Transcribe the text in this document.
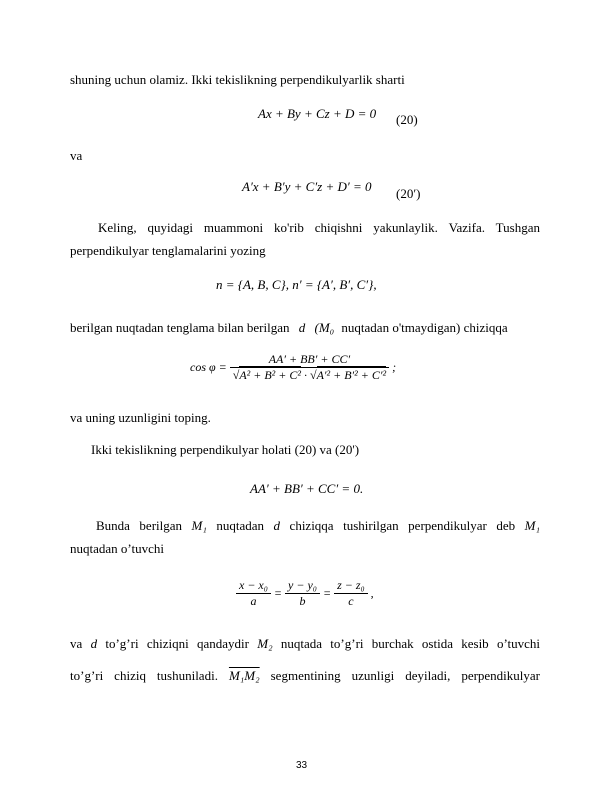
shuning uchun olamiz. Ikki tekislikning perpendikulyarlik sharti
Ax + By + Cz + D = 0 (20)
va
A′x + B′y + C′z + D′ = 0 (20′)
Keling, quyidagi muammoni ko'rib chiqishni yakunlaylik. Vazifa. Tushgan
perpendikulyar tenglamalarini yozing
n = {A, B, C}, n′ = {A′, B′, C′},
berilgan nuqtadan tenglama bilan berilgan d (M₀ nuqtadan o'tmaydigan) chiziqqa
$\cos \varphi = \frac{AA' + BB' + CC'}{\text{√A² + B² + C² · √A′² + B′² + C′²}}$ ;
va uning uzunligini toping.
Ikki tekislikning perpendikulyar holati (20) va (20')
AA′ + BB′ + CC′ = 0.
Bunda berilgan M₁ nuqtadan d chiziqqa tushirilgan perpendikulyar deb M₁
nuqtadan o’tuvchi
$\frac{\text{x − x₀}}{a} = \frac{\text{y − y₀}}{b} = \frac{\text{z − z₀}}{c}$ ,
va d to’g’ri chiziqni qandaydir M₂ nuqtada to’g’ri burchak ostida kesib o’tuvchi
to’g’ri chiziq tushuniladi. M₁M₂ segmentining uzunligi deyiladi, perpendikulyar
33
